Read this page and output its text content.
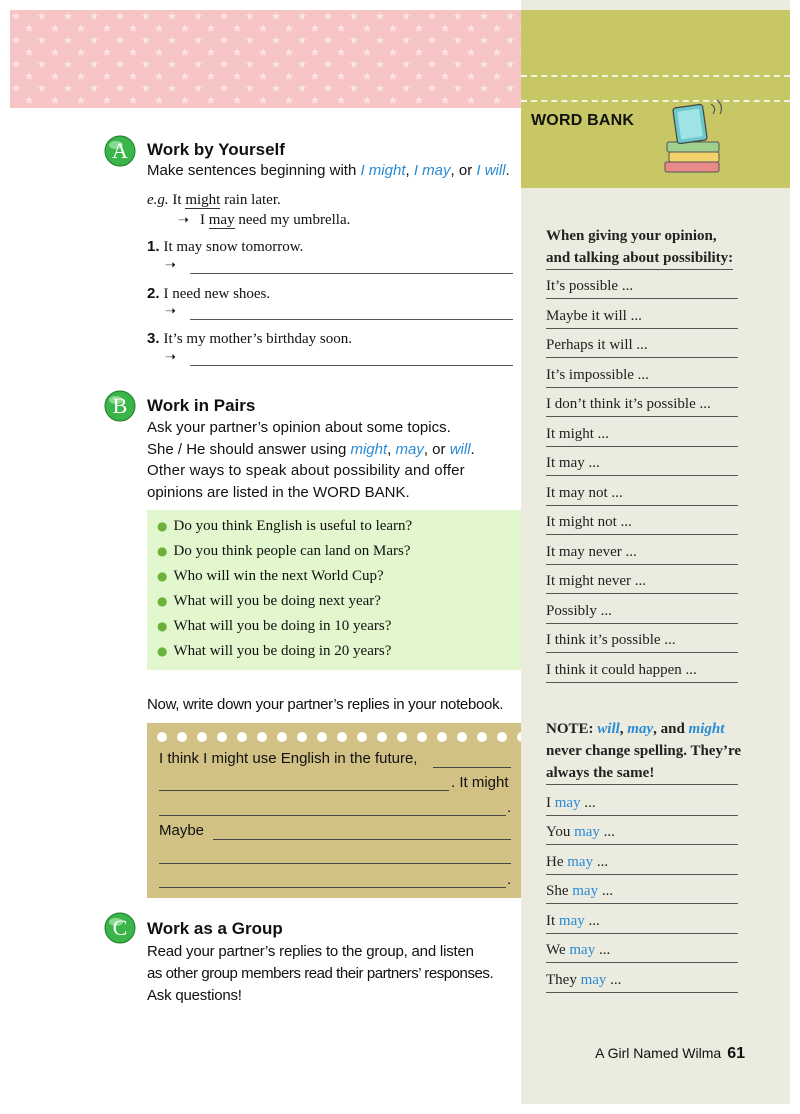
WORD BANK
When giving your opinion,
and talking about possibility:
It’s possible ...
Maybe it will ...
Perhaps it will ...
It’s impossible ...
I don’t think it’s possible ...
It might ...
It may ...
It may not ...
It might not ...
It may never ...
It might never ...
Possibly ...
I think it’s possible ...
I think it could happen ...
NOTE: will, may, and might
never change spelling. They’re
always the same!
I may ...
You may ...
He may ...
She may ...
It may ...
We may ...
They may ...
A Work by Yourself
Make sentences beginning with I might, I may, or I will.
e.g. It might rain later.
➝ I may need my umbrella.
1. It may snow tomorrow.
➝
2. I need new shoes.
➝
3. It’s my mother’s birthday soon.
➝
B Work in Pairs
Ask your partner’s opinion about some topics.
She / He should answer using might, may, or will.
Other ways to speak about possibility and offer
opinions are listed in the WORD BANK.
● Do you think English is useful to learn?
● Do you think people can land on Mars?
● Who will win the next World Cup?
● What will you be doing next year?
● What will you be doing in 10 years?
● What will you be doing in 20 years?
Now, write down your partner’s replies in your notebook.
I think I might use English in the future,
. It might
.
Maybe
.
C Work as a Group
Read your partner’s replies to the group, and listen
as other group members read their partners’ responses.
Ask questions!
A Girl Named Wilma 61
